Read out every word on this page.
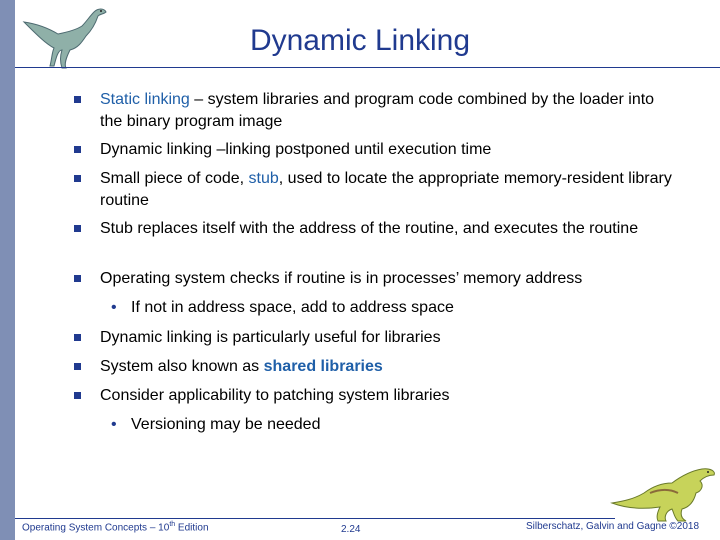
Dynamic Linking
Static linking – system libraries and program code combined by the loader into the binary program image
Dynamic linking –linking postponed until execution time
Small piece of code, stub, used to locate the appropriate memory-resident library routine
Stub replaces itself with the address of the routine, and executes the routine
Operating system checks if routine is in processes’ memory address
• If not in address space, add to address space
Dynamic linking is particularly useful for libraries
System also known as shared libraries
Consider applicability to patching system libraries
• Versioning may be needed
Operating System Concepts – 10th Edition	2.24	Silberschatz, Galvin and Gagne ©2018
